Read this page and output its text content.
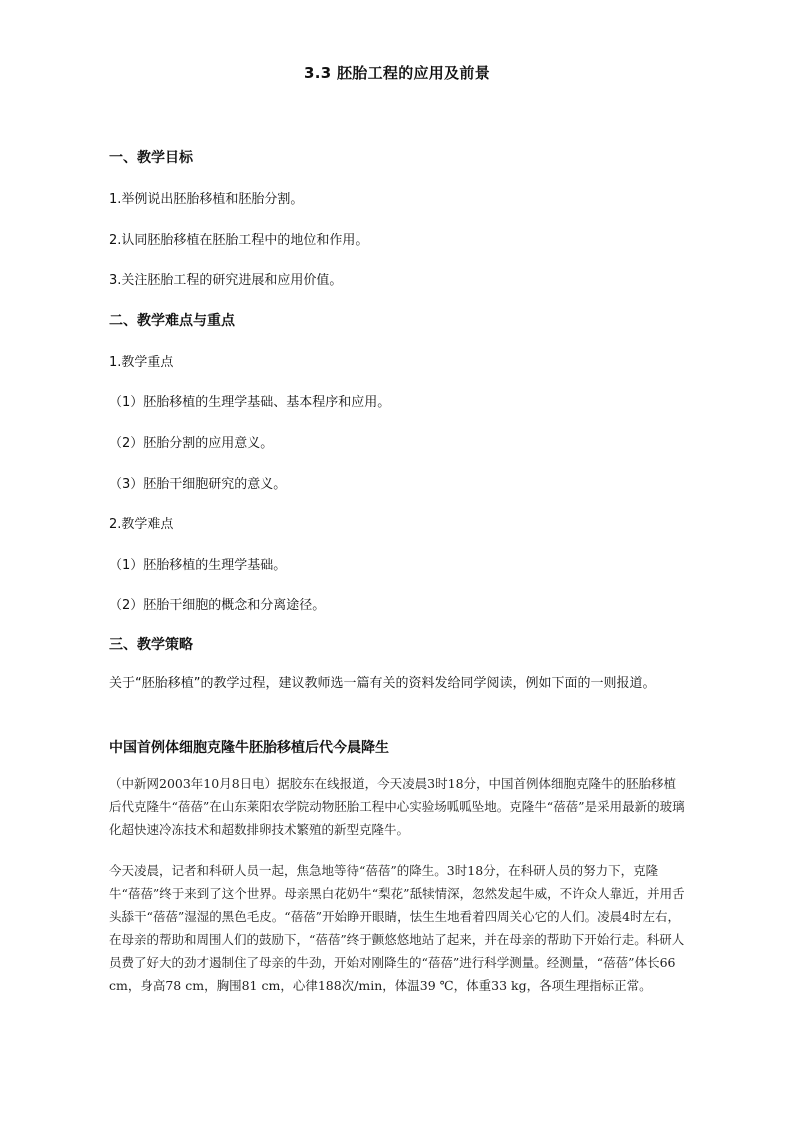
3.3 胚胎工程的应用及前景
一、教学目标
1.举例说出胚胎移植和胚胎分割。
2.认同胚胎移植在胚胎工程中的地位和作用。
3.关注胚胎工程的研究进展和应用价值。
二、教学难点与重点
1.教学重点
（1）胚胎移植的生理学基础、基本程序和应用。
（2）胚胎分割的应用意义。
（3）胚胎干细胞研究的意义。
2.教学难点
（1）胚胎移植的生理学基础。
（2）胚胎干细胞的概念和分离途径。
三、教学策略
关于“胚胎移植”的教学过程，建议教师选一篇有关的资料发给同学阅读，例如下面的一则报道。
中国首例体细胞克隆牛胚胎移植后代今晨降生
（中新网2003年10月8日电）据胶东在线报道，今天凌晨3时18分，中国首例体细胞克隆牛的胚胎移植后代克隆牛“蓓蓓”在山东莱阳农学院动物胚胎工程中心实验场呱呱坠地。克隆牛“蓓蓓”是采用最新的玻璃化超快速冷冻技术和超数排卵技术繁殖的新型克隆牛。
今天凌晨，记者和科研人员一起，焦急地等待“蓓蓓”的降生。3时18分，在科研人员的努力下，克隆牛“蓓蓓”终于来到了这个世界。母亲黑白花奶牛“梨花”舐犊情深，忽然发起牛威，不许众人靠近，并用舌头舔干“蓓蓓”湿湿的黑色毛皮。“蓓蓓”开始睁开眼睛，怯生生地看着四周关心它的人们。凌晨4时左右，在母亲的帮助和周围人们的鼓励下，“蓓蓓”终于颤悠悠地站了起来，并在母亲的帮助下开始行走。科研人员费了好大的劲才遏制住了母亲的牛劲，开始对刚降生的“蓓蓓”进行科学测量。经测量，“蓓蓓”体长66 cm，身高78 cm，胸围81 cm，心律188次/min，体温39 ℃，体重33 kg，各项生理指标正常。
